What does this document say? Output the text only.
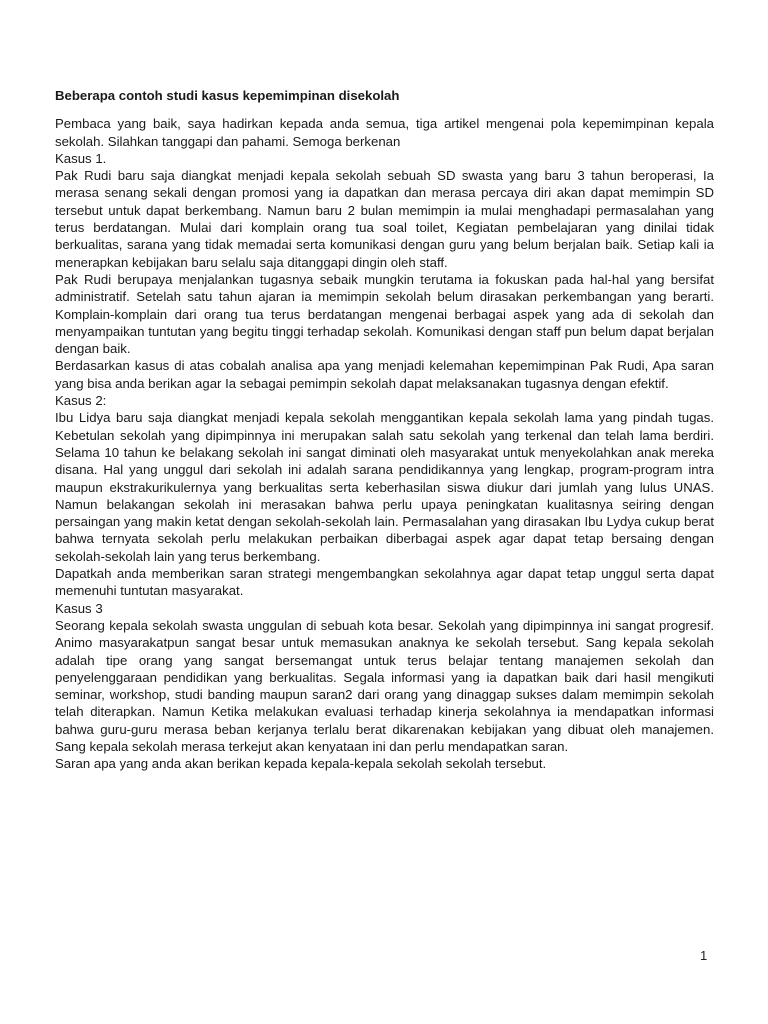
Beberapa contoh studi kasus kepemimpinan disekolah

Pembaca yang baik, saya hadirkan kepada anda semua, tiga artikel mengenai pola kepemimpinan kepala sekolah. Silahkan tanggapi dan pahami. Semoga berkenan

Kasus 1.

Pak Rudi baru saja diangkat menjadi kepala sekolah sebuah SD swasta yang baru 3 tahun beroperasi, Ia merasa senang sekali dengan promosi yang ia dapatkan dan merasa percaya diri akan dapat memimpin SD tersebut untuk dapat berkembang. Namun baru 2 bulan memimpin ia mulai menghadapi permasalahan yang terus berdatangan. Mulai dari komplain orang tua soal toilet, Kegiatan pembelajaran yang dinilai tidak berkualitas, sarana yang tidak memadai serta komunikasi dengan guru yang belum berjalan baik. Setiap kali ia menerapkan kebijakan baru selalu saja ditanggapi dingin oleh staff.

Pak Rudi berupaya menjalankan tugasnya sebaik mungkin terutama ia fokuskan pada hal-hal yang bersifat administratif. Setelah satu tahun ajaran ia memimpin sekolah belum dirasakan perkembangan yang berarti. Komplain-komplain dari orang tua terus berdatangan mengenai berbagai aspek yang ada di sekolah dan menyampaikan tuntutan yang begitu tinggi terhadap sekolah. Komunikasi dengan staff pun belum dapat berjalan dengan baik.

Berdasarkan kasus di atas cobalah analisa apa yang menjadi kelemahan kepemimpinan Pak Rudi, Apa saran yang bisa anda berikan agar Ia sebagai pemimpin sekolah dapat melaksanakan tugasnya dengan efektif.

Kasus 2:

Ibu Lidya baru saja diangkat menjadi kepala sekolah menggantikan kepala sekolah lama yang pindah tugas. Kebetulan sekolah yang dipimpinnya ini merupakan salah satu sekolah yang terkenal dan telah lama berdiri. Selama 10 tahun ke belakang sekolah ini sangat diminati oleh masyarakat untuk menyekolahkan anak mereka disana. Hal yang unggul dari sekolah ini adalah sarana pendidikannya yang lengkap, program-program intra maupun ekstrakurikulernya yang berkualitas serta keberhasilan siswa diukur dari jumlah yang lulus UNAS. Namun belakangan sekolah ini merasakan bahwa perlu upaya peningkatan kualitasnya seiring dengan persaingan yang makin ketat dengan sekolah-sekolah lain. Permasalahan yang dirasakan Ibu Lydya cukup berat bahwa ternyata sekolah perlu melakukan perbaikan diberbagai aspek agar dapat tetap bersaing dengan sekolah-sekolah lain yang terus berkembang.

Dapatkah anda memberikan saran strategi mengembangkan sekolahnya agar dapat tetap unggul serta dapat memenuhi tuntutan masyarakat.

Kasus 3

Seorang kepala sekolah swasta unggulan di sebuah kota besar. Sekolah yang dipimpinnya ini sangat progresif. Animo masyarakatpun sangat besar untuk memasukan anaknya ke sekolah tersebut. Sang kepala sekolah adalah tipe orang yang sangat bersemangat untuk terus belajar tentang manajemen sekolah dan penyelenggaraan pendidikan yang berkualitas. Segala informasi yang ia dapatkan baik dari hasil mengikuti seminar, workshop, studi banding maupun saran2 dari orang yang dinaggap sukses dalam memimpin sekolah telah diterapkan. Namun Ketika melakukan evaluasi terhadap kinerja sekolahnya ia mendapatkan informasi bahwa guru-guru merasa beban kerjanya terlalu berat dikarenakan kebijakan yang dibuat oleh manajemen. Sang kepala sekolah merasa terkejut akan kenyataan ini dan perlu mendapatkan saran.

Saran apa yang anda akan berikan kepada kepala-kepala sekolah sekolah tersebut.

1
